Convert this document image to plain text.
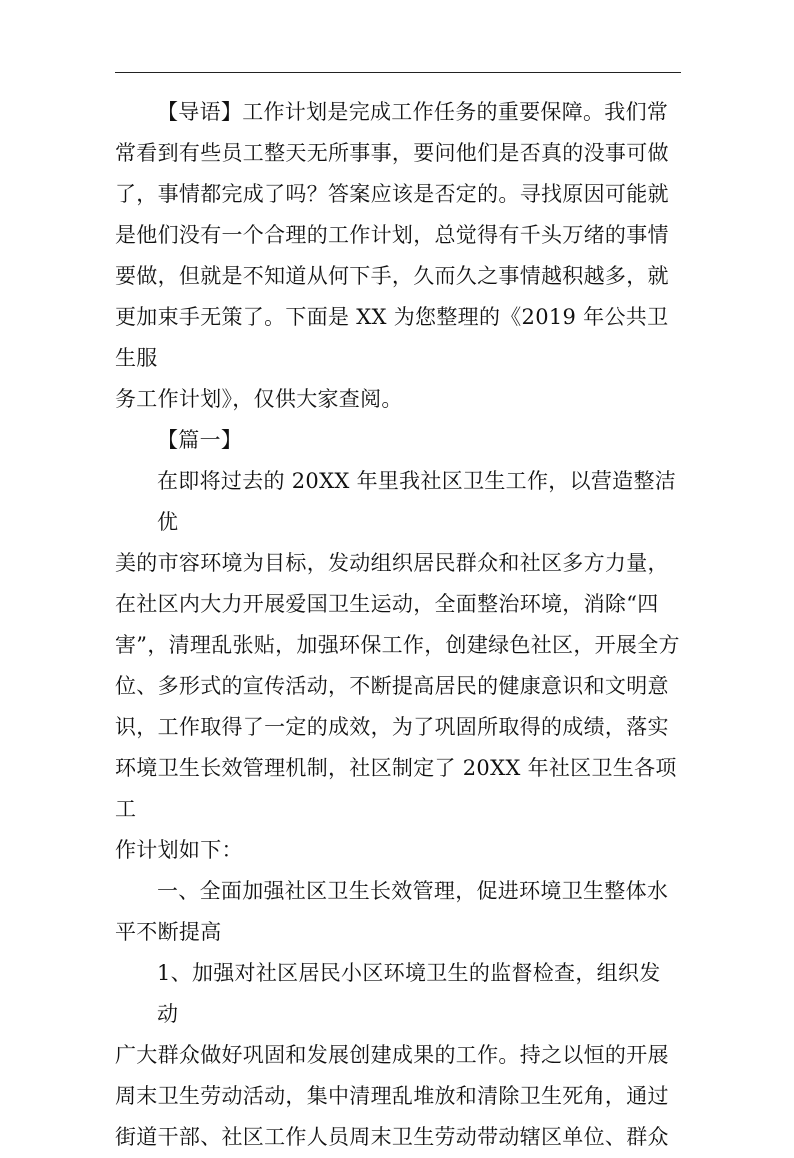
【导语】工作计划是完成工作任务的重要保障。我们常
常看到有些员工整天无所事事，要问他们是否真的没事可做
了，事情都完成了吗？答案应该是否定的。寻找原因可能就
是他们没有一个合理的工作计划，总觉得有千头万绪的事情
要做，但就是不知道从何下手，久而久之事情越积越多，就
更加束手无策了。下面是 XX 为您整理的《2019 年公共卫生服
务工作计划》，仅供大家查阅。
【篇一】
在即将过去的 20XX 年里我社区卫生工作，以营造整洁优
美的市容环境为目标，发动组织居民群众和社区多方力量，
在社区内大力开展爱国卫生运动，全面整治环境，消除“四
害”，清理乱张贴，加强环保工作，创建绿色社区，开展全方
位、多形式的宣传活动，不断提高居民的健康意识和文明意
识，工作取得了一定的成效，为了巩固所取得的成绩，落实
环境卫生长效管理机制，社区制定了 20XX 年社区卫生各项工
作计划如下：
一、全面加强社区卫生长效管理，促进环境卫生整体水
平不断提高
1、加强对社区居民小区环境卫生的监督检查，组织发动
广大群众做好巩固和发展创建成果的工作。持之以恒的开展
周末卫生劳动活动，集中清理乱堆放和清除卫生死角，通过
街道干部、社区工作人员周末卫生劳动带动辖区单位、群众
